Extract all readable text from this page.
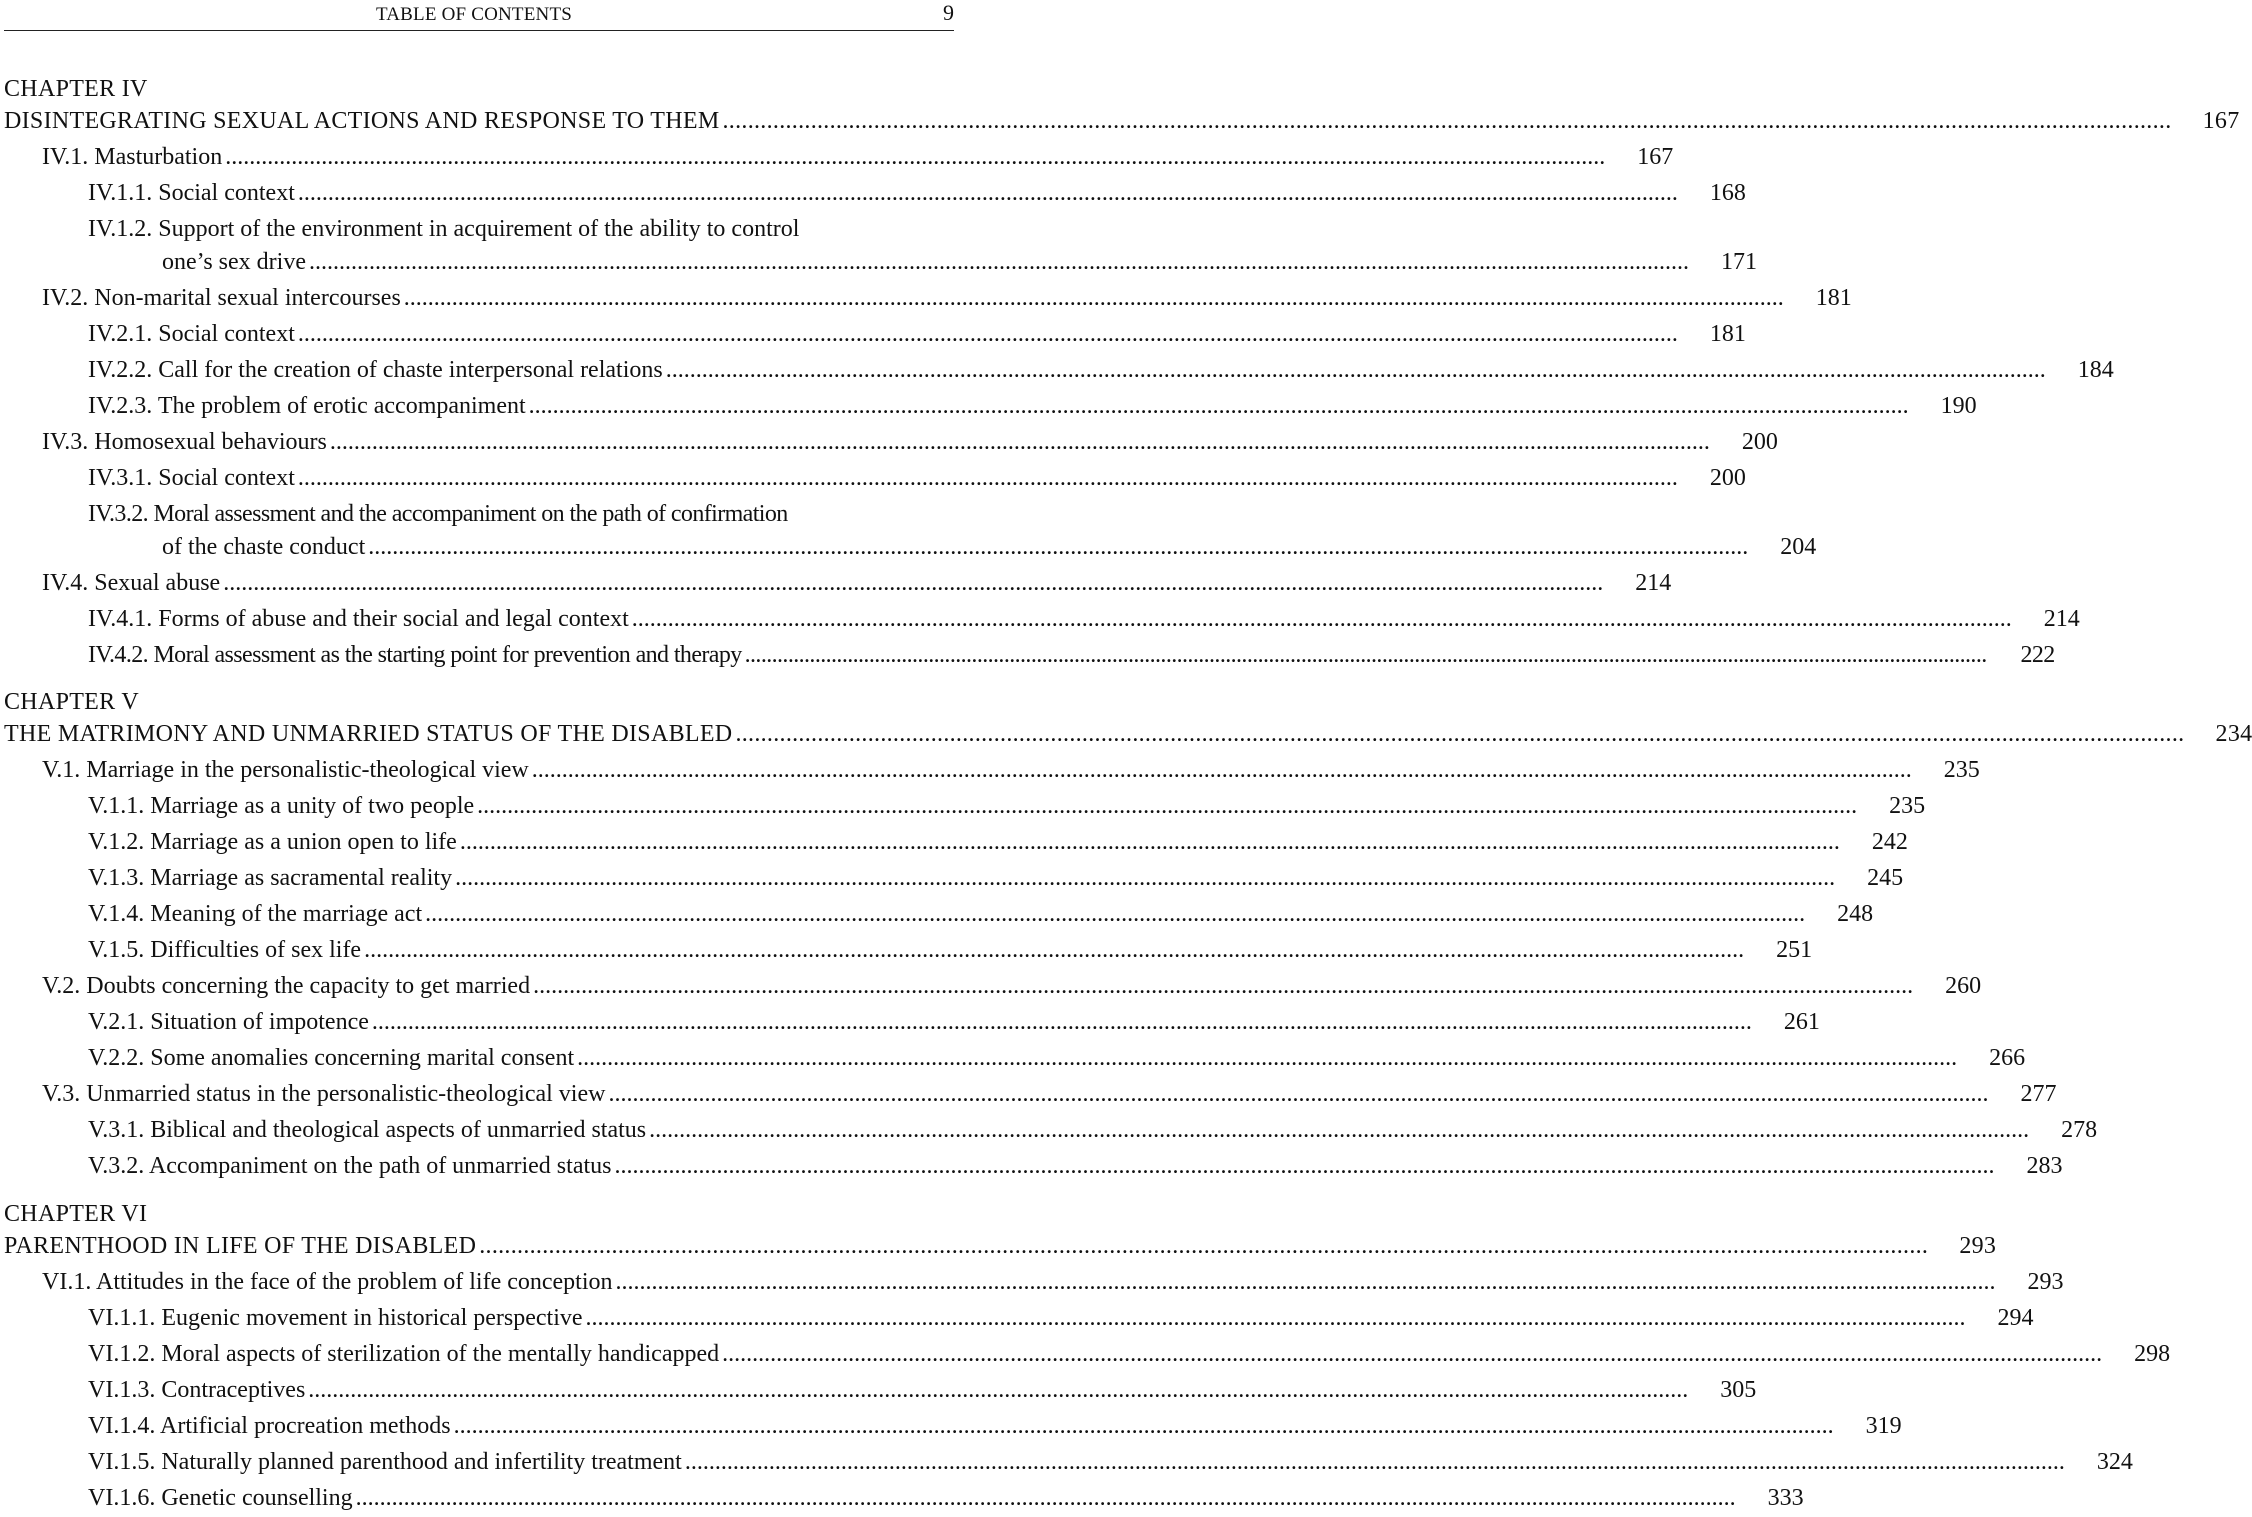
TABLE OF CONTENTS	9
CHAPTER IV
DISINTEGRATING SEXUAL ACTIONS AND RESPONSE TO THEM .....	167
IV.1. Masturbation .....	167
IV.1.1. Social context .....	168
IV.1.2. Support of the environment in acquirement of the ability to control
one’s sex drive .....	171
IV.2. Non-marital sexual intercourses .....	181
IV.2.1. Social context .....	181
IV.2.2. Call for the creation of chaste interpersonal relations .....	184
IV.2.3. The problem of erotic accompaniment .....	190
IV.3. Homosexual behaviours .....	200
IV.3.1. Social context .....	200
IV.3.2. Moral assessment and the accompaniment on the path of confirmation
of the chaste conduct .....	204
IV.4. Sexual abuse .....	214
IV.4.1. Forms of abuse and their social and legal context .....	214
IV.4.2. Moral assessment as the starting point for prevention and therapy .....	222
CHAPTER V
THE MATRIMONY AND UNMARRIED STATUS OF THE DISABLED .....	234
V.1. Marriage in the personalistic-theological view .....	235
V.1.1. Marriage as a unity of two people .....	235
V.1.2. Marriage as a union open to life .....	242
V.1.3. Marriage as sacramental reality .....	245
V.1.4. Meaning of the marriage act .....	248
V.1.5. Difficulties of sex life .....	251
V.2. Doubts concerning the capacity to get married .....	260
V.2.1. Situation of impotence .....	261
V.2.2. Some anomalies concerning marital consent .....	266
V.3. Unmarried status in the personalistic-theological view .....	277
V.3.1. Biblical and theological aspects of unmarried status .....	278
V.3.2. Accompaniment on the path of unmarried status .....	283
CHAPTER VI
PARENTHOOD IN LIFE OF THE DISABLED .....	293
VI.1. Attitudes in the face of the problem of life conception .....	293
VI.1.1. Eugenic movement in historical perspective .....	294
VI.1.2. Moral aspects of sterilization of the mentally handicapped .....	298
VI.1.3. Contraceptives .....	305
VI.1.4. Artificial procreation methods .....	319
VI.1.5. Naturally planned parenthood and infertility treatment .....	324
VI.1.6. Genetic counselling .....	333
